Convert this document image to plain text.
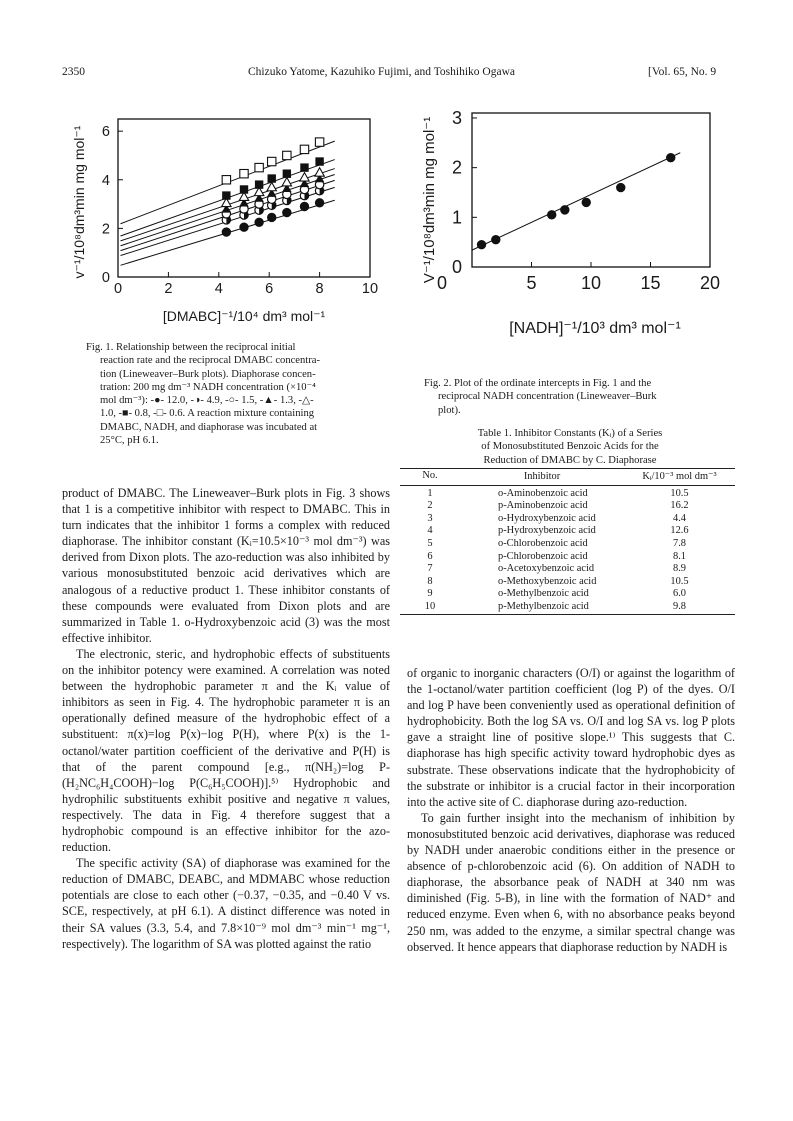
2350	Chizuko Yatome, Kazuhiko Fujimi, and Toshihiko Ogawa	[Vol. 65, No. 9
0	2	4	6	8	10
0
2
4
6
v⁻¹/10⁸dm³min mg mol⁻¹
[DMABC]⁻¹/10⁴ dm³ mol⁻¹
Fig. 1. Relationship between the reciprocal initial
reaction rate and the reciprocal DMABC concentra-
tion (Lineweaver–Burk plots). Diaphorase concen-
tration: 200 mg dm⁻³ NADH concentration (×10⁻⁴
mol dm⁻³): -●- 12.0, -◑- 4.9, -○- 1.5, -▲- 1.3, -△-
1.0, -■- 0.8, -□- 0.6. A reaction mixture containing
DMABC, NADH, and diaphorase was incubated at
25°C, pH 6.1.
0	5 10 15 20
0
1
2
3
V⁻¹/10⁸dm³min mg mol⁻¹
[NADH]⁻¹/10³ dm³ mol⁻¹
Fig. 2. Plot of the ordinate intercepts in Fig. 1 and the
reciprocal NADH concentration (Lineweaver–Burk
plot).
Table 1. Inhibitor Constants (Kᵢ) of a Series
of Monosubstituted Benzoic Acids for the
Reduction of DMABC by C. Diaphorase
No.	Inhibitor	Kᵢ/10⁻³ mol dm⁻³
1	o-Aminobenzoic acid	10.5
2	p-Aminobenzoic acid	16.2
3	o-Hydroxybenzoic acid	4.4
4	p-Hydroxybenzoic acid	12.6
5	o-Chlorobenzoic acid	7.8
6	p-Chlorobenzoic acid	8.1
7	o-Acetoxybenzoic acid	8.9
8	o-Methoxybenzoic acid	10.5
9	o-Methylbenzoic acid	6.0
10	p-Methylbenzoic acid	9.8

product of DMABC. The Lineweaver–Burk plots in Fig. 3 shows that 1 is a competitive inhibitor with respect to DMABC. This in turn indicates that the inhibitor 1 forms a complex with reduced diaphorase. The inhibitor constant (Kᵢ=10.5×10⁻³ mol dm⁻³) was derived from Dixon plots. The azo-reduction was also inhibited by various monosubstituted benzoic acid derivatives which are analogous of a reductive product 1. These inhibitor constants of these compounds were evaluated from Dixon plots and are summarized in Table 1. o-Hydroxybenzoic acid (3) was the most effective inhibitor.

The electronic, steric, and hydrophobic effects of substituents on the inhibitor potency were examined. A correlation was noted between the hydrophobic parameter π and the Kᵢ value of inhibitors as seen in Fig. 4. The hydrophobic parameter π is an operationally defined measure of the hydrophobic effect of a substituent: π(x)=log P(x)−log P(H), where P(x) is the 1-octanol/water partition coefficient of the derivative and P(H) is that of the parent compound [e.g., π(NH₂)=log P-(H₂NC₆H₄COOH)−log P(C₆H₅COOH)].⁵⁾ Hydrophobic and hydrophilic substituents exhibit positive and negative π values, respectively. The data in Fig. 4 therefore suggest that a hydrophobic compound is an effective inhibitor for the azo-reduction.

The specific activity (SA) of diaphorase was examined for the reduction of DMABC, DEABC, and MDMABC whose reduction potentials are close to each other (−0.37, −0.35, and −0.40 V vs. SCE, respectively, at pH 6.1). A distinct difference was noted in their SA values (3.3, 5.4, and 7.8×10⁻⁹ mol dm⁻³ min⁻¹ mg⁻¹, respectively). The logarithm of SA was plotted against the ratio

of organic to inorganic characters (O/I) or against the logarithm of the 1-octanol/water partition coefficient (log P) of the dyes. O/I and log P have been conveniently used as operational definition of hydrophobicity. Both the log SA vs. O/I and log SA vs. log P plots gave a straight line of positive slope.¹⁾ This suggests that C. diaphorase has high specific activity toward hydrophobic dyes as substrate. These observations indicate that the hydrophobicity of the substrate or inhibitor is a crucial factor in their incorporation into the active site of C. diaphorase during azo-reduction.

To gain further insight into the mechanism of inhibition by monosubstituted benzoic acid derivatives, diaphorase was reduced by NADH under anaerobic conditions either in the presence or absence of p-chlorobenzoic acid (6). On addition of NADH to diaphorase, the absorbance peak of NADH at 340 nm was diminished (Fig. 5-B), in line with the formation of NAD⁺ and reduced enzyme. Even when 6, with no absorbance peaks beyond 250 nm, was added to the enzyme, a similar spectral change was observed. It hence appears that diaphorase reduction by NADH is
